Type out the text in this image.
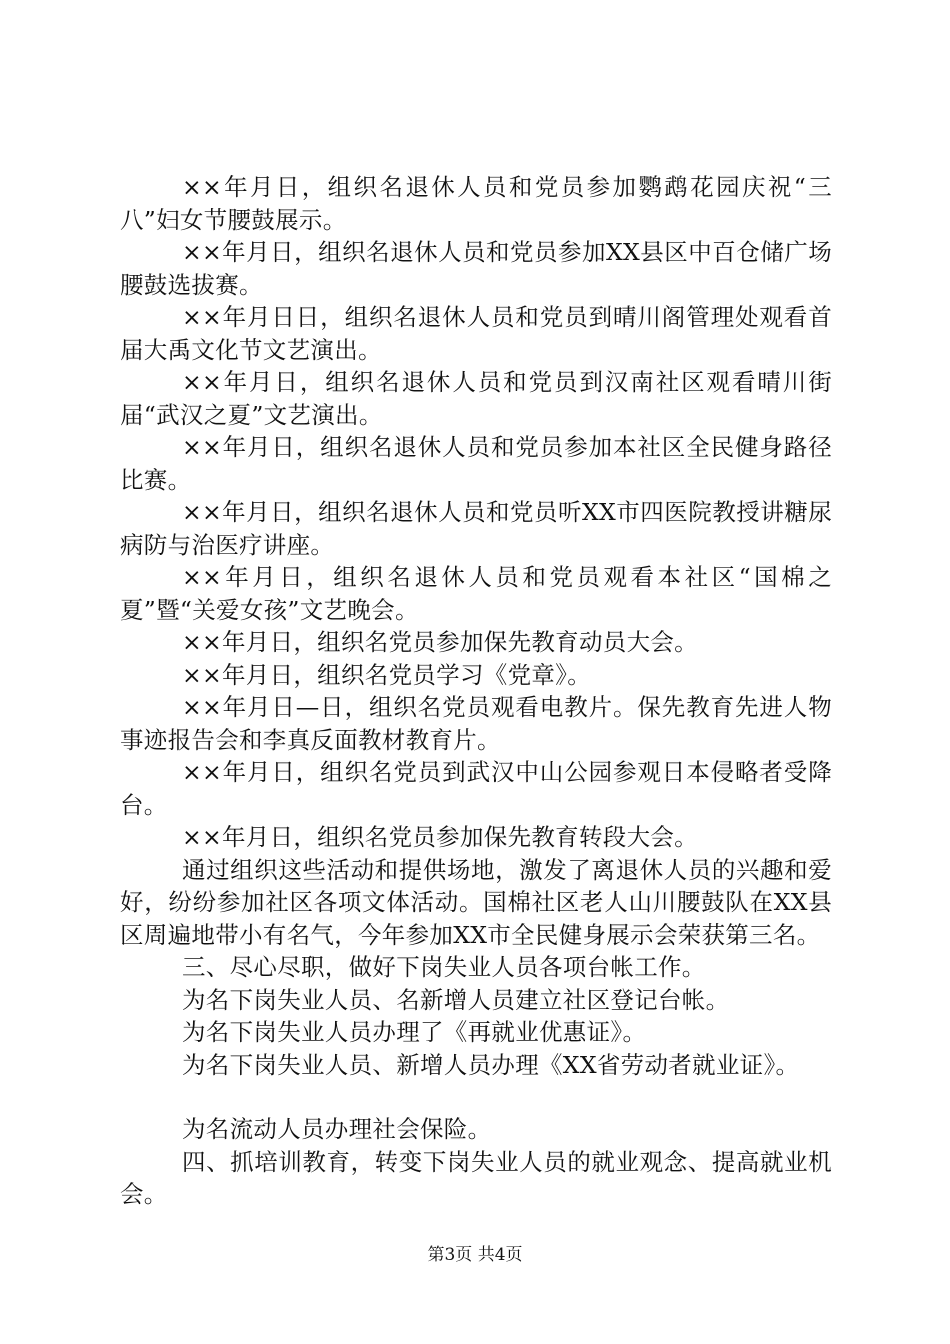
××年月日，组织名退休人员和党员参加鹦鹉花园庆祝“三八”妇女节腰鼓展示。

××年月日，组织名退休人员和党员参加XX县区中百仓储广场腰鼓选拔赛。

××年月日日，组织名退休人员和党员到晴川阁管理处观看首届大禹文化节文艺演出。

××年月日，组织名退休人员和党员到汉南社区观看晴川街届“武汉之夏”文艺演出。

××年月日，组织名退休人员和党员参加本社区全民健身路径比赛。

××年月日，组织名退休人员和党员听XX市四医院教授讲糖尿病防与治医疗讲座。

××年月日，组织名退休人员和党员观看本社区“国棉之夏”暨“关爱女孩”文艺晚会。

××年月日，组织名党员参加保先教育动员大会。

××年月日，组织名党员学习《党章》。

××年月日—日，组织名党员观看电教片。保先教育先进人物事迹报告会和李真反面教材教育片。

××年月日，组织名党员到武汉中山公园参观日本侵略者受降台。

××年月日，组织名党员参加保先教育转段大会。

通过组织这些活动和提供场地，激发了离退休人员的兴趣和爱好，纷纷参加社区各项文体活动。国棉社区老人山川腰鼓队在XX县区周遍地带小有名气，今年参加XX市全民健身展示会荣获第三名。

三、尽心尽职，做好下岗失业人员各项台帐工作。

为名下岗失业人员、名新增人员建立社区登记台帐。

为名下岗失业人员办理了《再就业优惠证》。

为名下岗失业人员、新增人员办理《XX省劳动者就业证》。

为名流动人员办理社会保险。

四、抓培训教育，转变下岗失业人员的就业观念、提高就业机会。

第3页 共4页
